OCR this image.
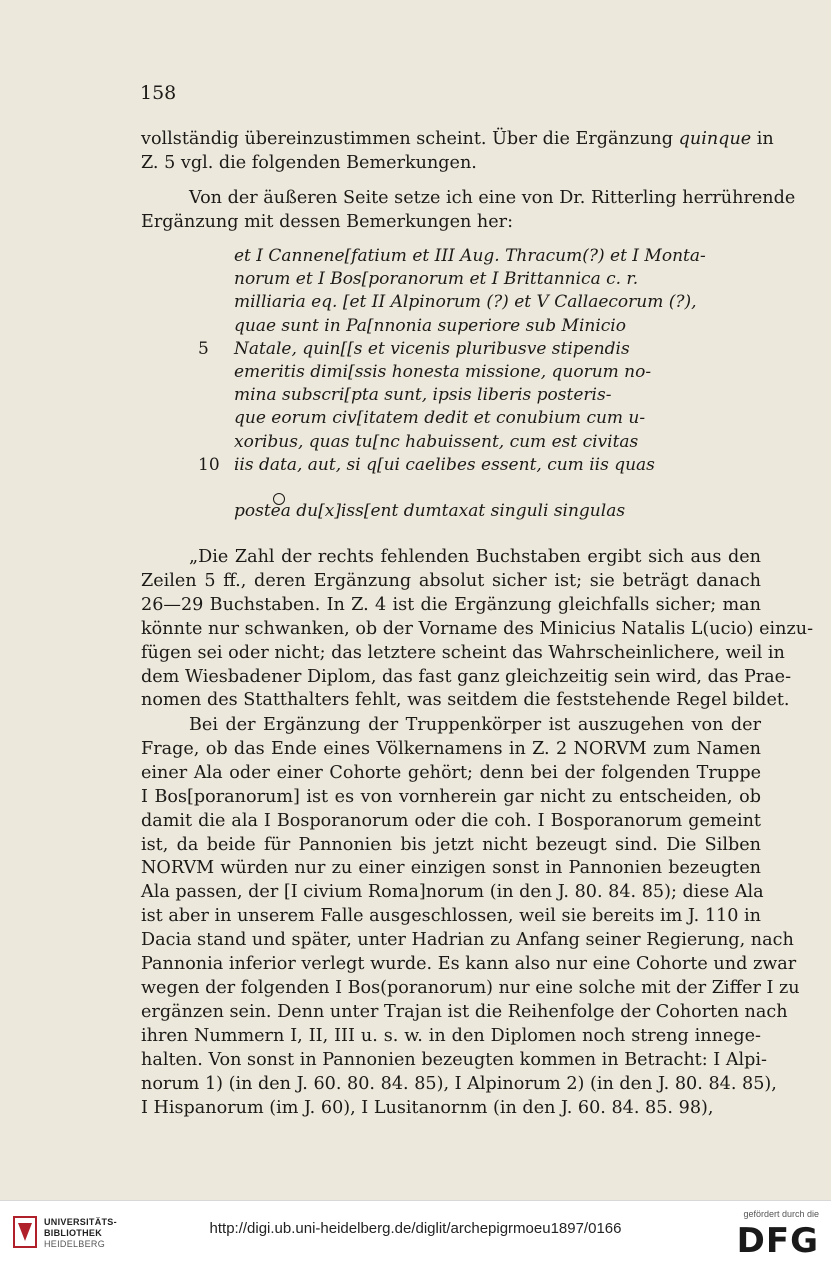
158
vollständig übereinzustimmen scheint. Über die Ergänzung quinque in
Z. 5 vgl. die folgenden Bemerkungen.
Von der äußeren Seite setze ich eine von Dr. Ritterling herrührende
Ergänzung mit dessen Bemerkungen her:
et I Cannene[fatium et III Aug. Thracum(?) et I Monta-
norum et I Bos[poranorum et I Brittannica c. r.
milliaria eq. [et II Alpinorum (?) et V Callaecorum (?),
quae sunt in Pa[nnonia superiore sub Minicio
5 Natale, quin[[s et vicenis pluribusve stipendis
emeritis dimi[ssis honesta missione, quorum no-
mina subscri[pta sunt, ipsis liberis posteris-
que eorum civ[itatem dedit et conubium cum u-
xoribus, quas tu[nc habuissent, cum est civitas
10 iis data, aut, si q[ui caelibes essent, cum iis quas

postea du[x]iss[ent dumtaxat singuli singulas
„Die Zahl der rechts fehlenden Buchstaben ergibt sich aus den
Zeilen 5 ff., deren Ergänzung absolut sicher ist; sie beträgt danach
26—29 Buchstaben. In Z. 4 ist die Ergänzung gleichfalls sicher; man
könnte nur schwanken, ob der Vorname des Minicius Natalis L(ucio) einzu-
fügen sei oder nicht; das letztere scheint das Wahrscheinlichere, weil in
dem Wiesbadener Diplom, das fast ganz gleichzeitig sein wird, das Prae-
nomen des Statthalters fehlt, was seitdem die feststehende Regel bildet.
Bei der Ergänzung der Truppenkörper ist auszugehen von der
Frage, ob das Ende eines Völkernamens in Z. 2 NORVM zum Namen
einer Ala oder einer Cohorte gehört; denn bei der folgenden Truppe
I Bos[poranorum] ist es von vornherein gar nicht zu entscheiden, ob
damit die ala I Bosporanorum oder die coh. I Bosporanorum gemeint
ist, da beide für Pannonien bis jetzt nicht bezeugt sind. Die Silben
NORVM würden nur zu einer einzigen sonst in Pannonien bezeugten
Ala passen, der [I civium Roma]norum (in den J. 80. 84. 85); diese Ala
ist aber in unserem Falle ausgeschlossen, weil sie bereits im J. 110 in
Dacia stand und später, unter Hadrian zu Anfang seiner Regierung, nach
Pannonia inferior verlegt wurde. Es kann also nur eine Cohorte und zwar
wegen der folgenden I Bos(poranorum) nur eine solche mit der Ziffer I zu
ergänzen sein. Denn unter Trajan ist die Reihenfolge der Cohorten nach
ihren Nummern I, II, III u. s. w. in den Diplomen noch streng innege-
halten. Von sonst in Pannonien bezeugten kommen in Betracht: I Alpi-
norum 1) (in den J. 60. 80. 84. 85), I Alpinorum 2) (in den J. 80. 84. 85),
I Hispanorum (im J. 60), I Lusitanornm (in den J. 60. 84. 85. 98),
UNIVERSITÄTS-
BIBLIOTHEK
HEIDELBERG
http://digi.ub.uni-heidelberg.de/diglit/archepigrmoeu1897/0166
gefördert durch die
DFG
